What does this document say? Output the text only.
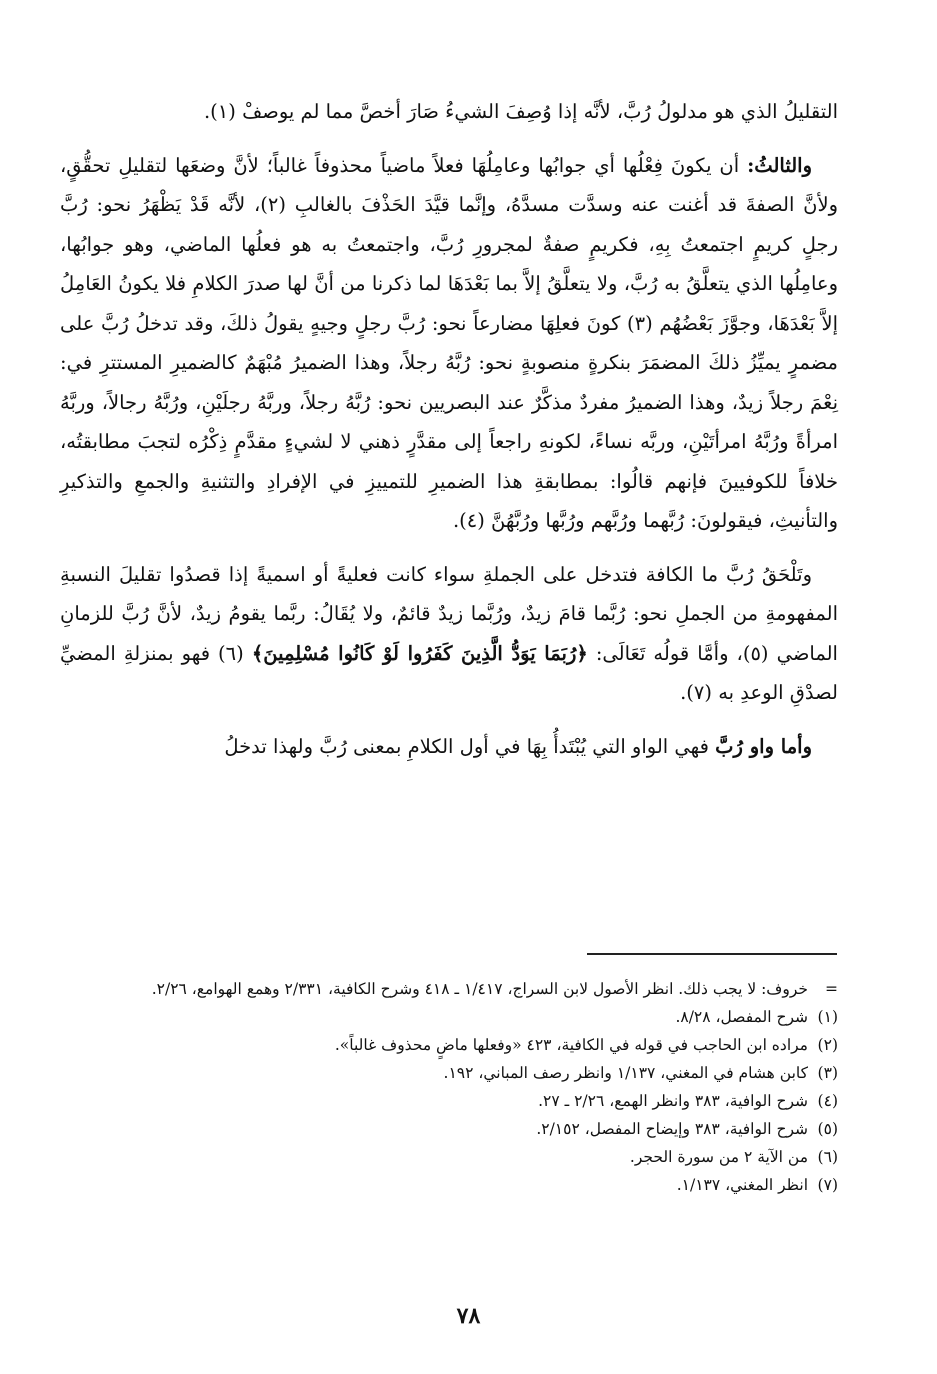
التقليلُ الذي هو مدلولُ رُبَّ، لأنَّه إذا وُصِفَ الشيءُ صَارَ أخصَّ مما لم يوصفْ (١).

والثالثُ: أن يكونَ فِعْلُها أي جوابُها وعامِلُهَا فعلاً ماضياً محذوفاً غالباً؛ لأنَّ وضعَها لتقليلِ تحقُّقٍ، ولأنَّ الصفةَ قد أغنت عنه وسدَّت مسدَّهُ، وإنَّما قيَّدَ الحَذْفَ بالغالبِ (٢)، لأنَّه قَدْ يَظْهَرُ نحو: رُبَّ رجلٍ كريمٍ اجتمعتُ بِهِ، فكريمٍ صفةٌ لمجرورِ رُبَّ، واجتمعتُ به هو فعلُها الماضي، وهو جوابُها، وعامِلُها الذي يتعلَّقُ به رُبَّ، ولا يتعلَّقُ إلاَّ بما بَعْدَهَا لما ذكرنا من أنَّ لها صدرَ الكلامِ فلا يكونُ العَامِلُ إلاَّ بَعْدَهَا، وجوَّزَ بَعْضُهُم (٣) كونَ فعلِهَا مضارعاً نحو: رُبَّ رجلٍ وجيهٍ يقولُ ذلكَ، وقد تدخلُ رُبَّ على مضمرٍ يميِّزُ ذلكَ المضمَرَ بنكرةٍ منصوبةٍ نحو: رُبَّهُ رجلاً، وهذا الضميرُ مُبْهَمٌ كالضميرِ المستترِ في: نِعْمَ رجلاً زيدٌ، وهذا الضميرُ مفردٌ مذكَّرٌ عند البصريين نحو: رُبَّهُ رجلاً، وربَّهُ رجلَيْنِ، ورُبَّهُ رجالاً، وربَّهُ امرأةً ورُبَّهُ امرأتَيْنِ، وربَّه نساءً، لكونهِ راجعاً إلى مقدَّرٍ ذهني لا لشيءٍ مقدَّمٍ ذِكْرُه لتجبَ مطابقتُه، خلافاً للكوفيينَ فإنهم قالُوا: بمطابقةِ هذا الضميرِ للتمييزِ في الإفرادِ والتثنيةِ والجمعِ والتذكيرِ والتأنيثِ، فيقولونَ: رُبَّهما ورُبَّهم ورُبَّها ورُبَّهُنَّ (٤).

وتَلْحَقُ رُبَّ ما الكافة فتدخل على الجملةِ سواء كانت فعليةً أو اسميةً إذا قصدُوا تقليلَ النسبةِ المفهومةِ من الجملِ نحو: رُبَّما قامَ زيدٌ، ورُبَّما زيدٌ قائمٌ، ولا يُقَالُ: ربَّما يقومُ زيدٌ، لأنَّ رُبَّ للزمانِ الماضي (٥)، وأمَّا قولُه تَعَالَى: ﴿رُبَمَا يَوَدُّ الَّذِينَ كَفَرُوا لَوْ كَانُوا مُسْلِمِينَ﴾ (٦) فهو بمنزلةِ المضيِّ لصدْقِ الوعدِ به (٧).

وأما واو رُبَّ فهي الواو التي يُبْتَدأُ بِهَا في أول الكلامِ بمعنى رُبَّ ولهذا تدخلُ

=
خروف: لا يجب ذلك. انظر الأصول لابن السراج، ١/٤١٧ ـ ٤١٨ وشرح الكافية، ٢/٣٣١ وهمع الهوامع، ٢/٢٦.

(١)
شرح المفصل، ٨/٢٨.

(٢)
مراده ابن الحاجب في قوله في الكافية، ٤٢٣ «وفعلها ماضٍ محذوف غالباً».

(٣)
كابن هشام في المغني، ١/١٣٧ وانظر رصف المباني، ١٩٢.

(٤)
شرح الوافية، ٣٨٣ وانظر الهمع، ٢/٢٦ ـ ٢٧.

(٥)
شرح الوافية، ٣٨٣ وإيضاح المفصل، ٢/١٥٢.

(٦)
من الآية ٢ من سورة الحجر.

(٧)
انظر المغني، ١/١٣٧.

٧٨
